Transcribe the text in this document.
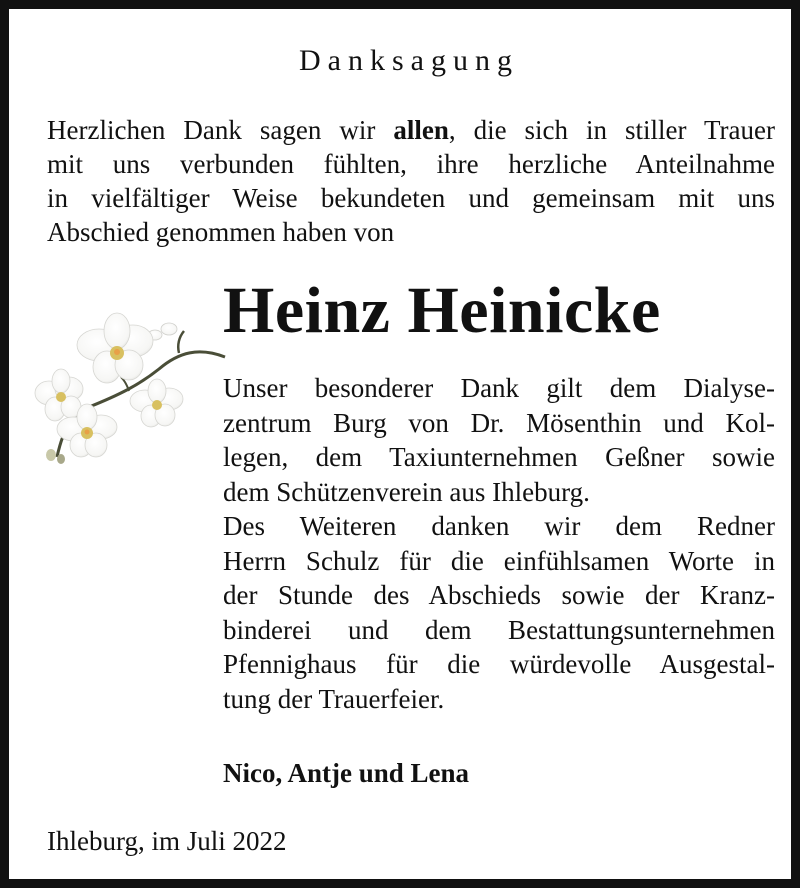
Danksagung
Herzlichen Dank sagen wir allen, die sich in stiller Trauer
mit uns verbunden fühlten, ihre herzliche Anteilnahme
in vielfältiger Weise bekundeten und gemeinsam mit uns
Abschied genommen haben von
Heinz Heinicke
Unser besonderer Dank gilt dem Dialyse-
zentrum Burg von Dr. Mösenthin und Kol-
legen, dem Taxiunternehmen Geßner sowie
dem Schützenverein aus Ihleburg.
Des Weiteren danken wir dem Redner
Herrn Schulz für die einfühlsamen Worte in
der Stunde des Abschieds sowie der Kranz-
binderei und dem Bestattungsunternehmen
Pfennighaus für die würdevolle Ausgestal-
tung der Trauerfeier.
Nico, Antje und Lena
Ihleburg, im Juli 2022
